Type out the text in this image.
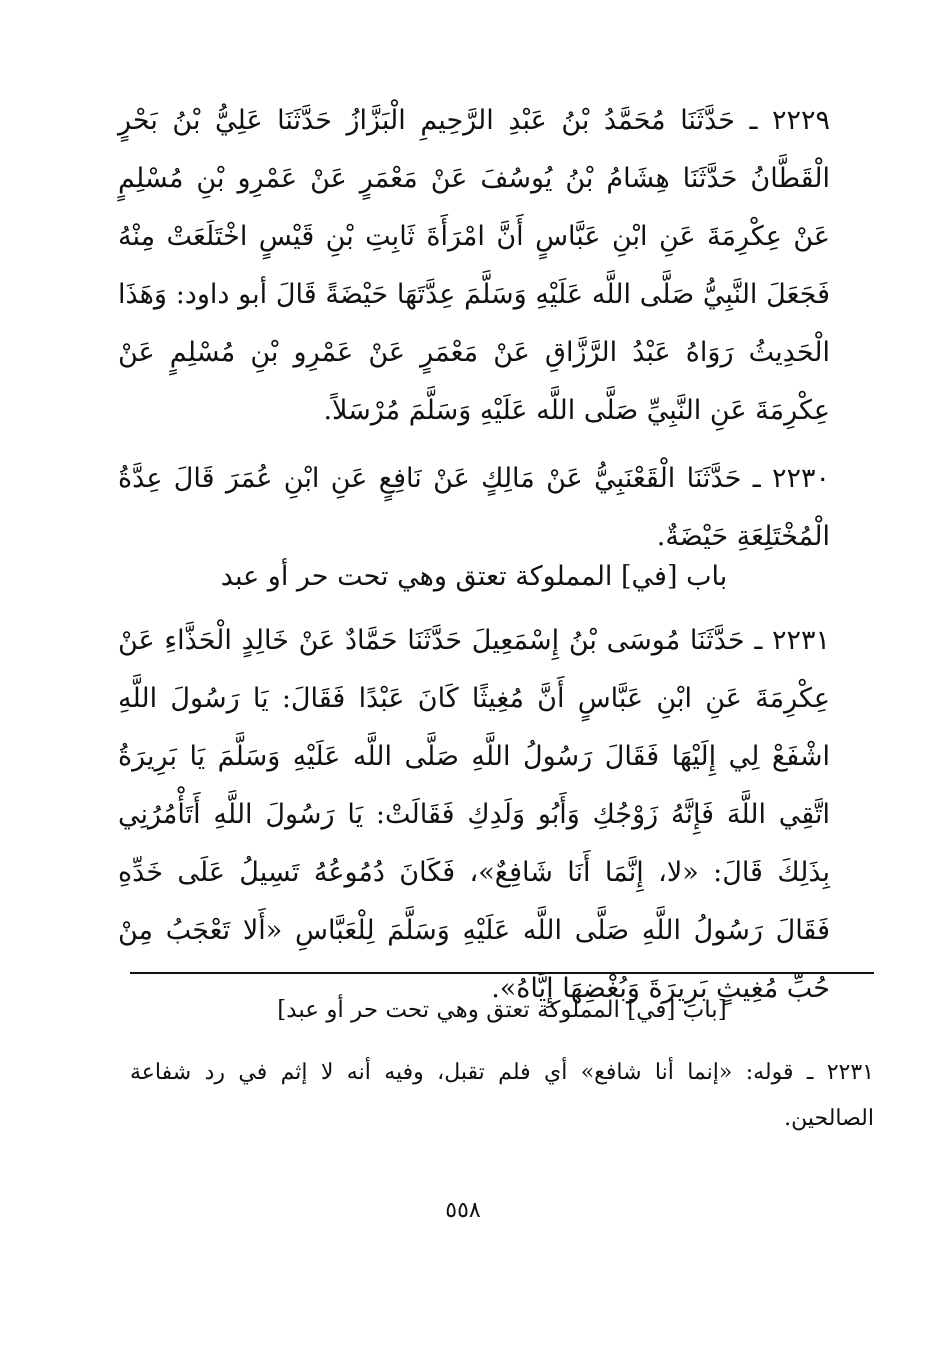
٢٢٢٩ ـ حَدَّثَنَا مُحَمَّدُ بْنُ عَبْدِ الرَّحِيمِ الْبَزَّازُ حَدَّثَنَا عَلِيُّ بْنُ بَحْرٍ الْقَطَّانُ حَدَّثَنَا هِشَامُ بْنُ يُوسُفَ عَنْ مَعْمَرٍ عَنْ عَمْرِو بْنِ مُسْلِمٍ عَنْ عِكْرِمَةَ عَنِ ابْنِ عَبَّاسٍ أَنَّ امْرَأَةَ ثَابِتِ بْنِ قَيْسٍ اخْتَلَعَتْ مِنْهُ فَجَعَلَ النَّبِيُّ صَلَّى اللَّه عَلَيْهِ وَسَلَّمَ عِدَّتَهَا حَيْضَةً قَالَ أبو داود: وَهَذَا الْحَدِيثُ رَوَاهُ عَبْدُ الرَّزَّاقِ عَنْ مَعْمَرٍ عَنْ عَمْرِو بْنِ مُسْلِمٍ عَنْ عِكْرِمَةَ عَنِ النَّبِيِّ صَلَّى اللَّه عَلَيْهِ وَسَلَّمَ مُرْسَلاً.

٢٢٣٠ ـ حَدَّثَنَا الْقَعْنَبِيُّ عَنْ مَالِكٍ عَنْ نَافِعٍ عَنِ ابْنِ عُمَرَ قَالَ عِدَّةُ الْمُخْتَلِعَةِ حَيْضَةٌ.

باب [في] المملوكة تعتق وهي تحت حر أو عبد
٢٢٣١ ـ حَدَّثَنَا مُوسَى بْنُ إِسْمَعِيلَ حَدَّثَنَا حَمَّادٌ عَنْ خَالِدٍ الْحَذَّاءِ عَنْ عِكْرِمَةَ عَنِ ابْنِ عَبَّاسٍ أَنَّ مُغِيثًا كَانَ عَبْدًا فَقَالَ: يَا رَسُولَ اللَّهِ اشْفَعْ لِي إِلَيْهَا فَقَالَ رَسُولُ اللَّهِ صَلَّى اللَّه عَلَيْهِ وَسَلَّمَ يَا بَرِيرَةُ اتَّقِي اللَّهَ فَإِنَّهُ زَوْجُكِ وَأَبُو وَلَدِكِ فَقَالَتْ: يَا رَسُولَ اللَّهِ أَتَأْمُرُنِي بِذَلِكَ قَالَ: «لا، إِنَّمَا أَنَا شَافِعٌ»، فَكَانَ دُمُوعُهُ تَسِيلُ عَلَى خَدِّهِ فَقَالَ رَسُولُ اللَّهِ صَلَّى اللَّه عَلَيْهِ وَسَلَّمَ لِلْعَبَّاسِ «أَلا تَعْجَبُ مِنْ حُبِّ مُغِيثٍ بَرِيرَةَ وَبُغْضِهَا إِيَّاهُ».
[باب [في] المملوكة تعتق وهي تحت حر أو عبد]
٢٢٣١ ـ قوله: «إنما أنا شافع» أي فلم تقبل، وفيه أنه لا إثم في رد شفاعة الصالحين.
٥٥٨
